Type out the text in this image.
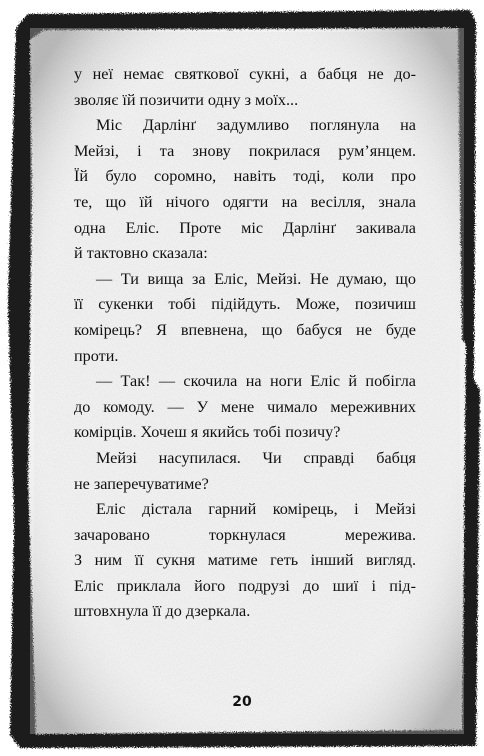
у неї немає святкової сукні, а бабця не до-

зволяє їй позичити одну з моїх...

Міс Дарлінґ задумливо поглянула на

Мейзі, і та знову покрилася рум’янцем.

Їй було соромно, навіть тоді, коли про

те, що їй нічого одягти на весілля, знала

одна Еліс. Проте міс Дарлінґ закивала

й тактовно сказала:

— Ти вища за Еліс, Мейзі. Не думаю, що

її сукенки тобі підійдуть. Може, позичиш

комірець? Я впевнена, що бабуся не буде

проти.

— Так! — скочила на ноги Еліс й побігла

до комоду. — У мене чимало мереживних

комірців. Хочеш я якийсь тобі позичу?

Мейзі насупилася. Чи справді бабця

не заперечуватиме?

Еліс дістала гарний комірець, і Мейзі

зачаровано торкнулася мережива.

З ним її сукня матиме геть інший вигляд.

Еліс приклала його подрузі до шиї і під-

штовхнула її до дзеркала.

20
